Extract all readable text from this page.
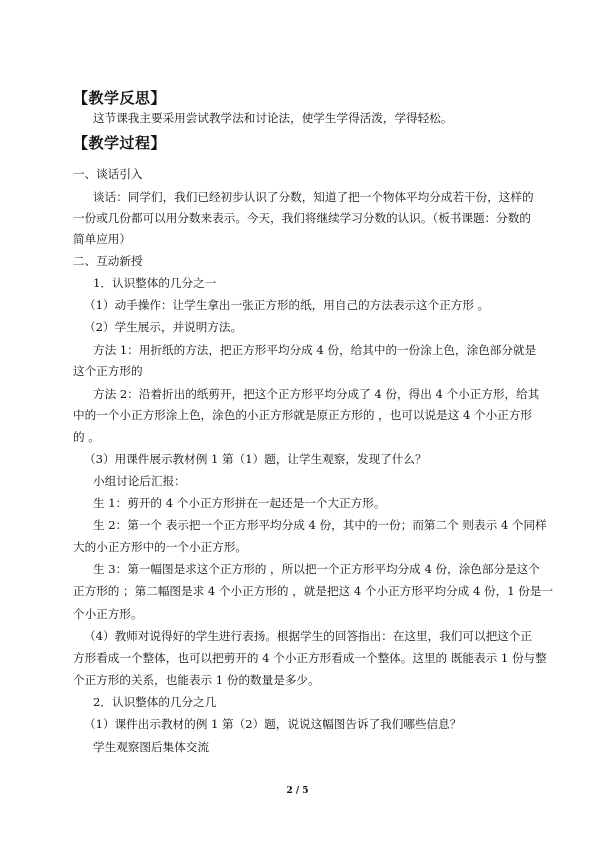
【教学反思】
这节课我主要采用尝试教学法和讨论法，使学生学得活泼，学得轻松。
【教学过程】
一、谈话引入
谈话：同学们，我们已经初步认识了分数，知道了把一个物体平均分成若干份，这样的
一份或几份都可以用分数来表示。今天，我们将继续学习分数的认识。（板书课题：分数的
简单应用）
二、互动新授
1．认识整体的几分之一
（1）动手操作：让学生拿出一张正方形的纸，用自己的方法表示这个正方形 。
（2）学生展示，并说明方法。
方法 1：用折纸的方法，把正方形平均分成 4 份，给其中的一份涂上色，涂色部分就是
这个正方形的
方法 2：沿着折出的纸剪开，把这个正方形平均分成了 4 份，得出 4 个小正方形，给其
中的一个小正方形涂上色，涂色的小正方形就是原正方形的 ，也可以说是这 4 个小正方形
的 。
（3）用课件展示教材例 1 第（1）题，让学生观察，发现了什么？
小组讨论后汇报：
生 1：剪开的 4 个小正方形拼在一起还是一个大正方形。
生 2：第一个 表示把一个正方形平均分成 4 份，其中的一份；而第二个 则表示 4 个同样
大的小正方形中的一个小正方形。
生 3：第一幅图是求这个正方形的 ，所以把一个正方形平均分成 4 份，涂色部分是这个
正方形的 ；第二幅图是求 4 个小正方形的 ，就是把这 4 个小正方形平均分成 4 份，1 份是一
个小正方形。
（4）教师对说得好的学生进行表扬。根据学生的回答指出：在这里，我们可以把这个正
方形看成一个整体，也可以把剪开的 4 个小正方形看成一个整体。这里的 既能表示 1 份与整
个正方形的关系，也能表示 1 份的数量是多少。
2．认识整体的几分之几
（1）课件出示教材的例 1 第（2）题，说说这幅图告诉了我们哪些信息？
学生观察图后集体交流
2 / 5
